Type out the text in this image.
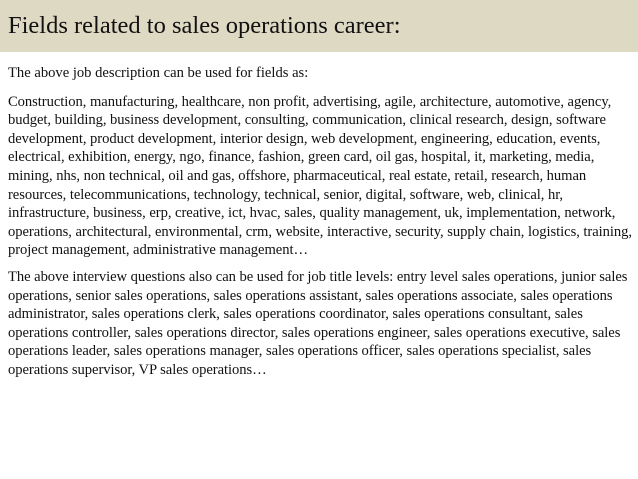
Fields related to sales operations career:

The above job description can be used for fields as:

Construction, manufacturing, healthcare, non profit, advertising, agile, architecture, automotive, agency, budget, building, business development, consulting, communication, clinical research, design, software development, product development, interior design, web development, engineering, education, events, electrical, exhibition, energy, ngo, finance, fashion, green card, oil gas, hospital, it, marketing, media, mining, nhs, non technical, oil and gas, offshore, pharmaceutical, real estate, retail, research, human resources, telecommunications, technology, technical, senior, digital, software, web, clinical, hr, infrastructure, business, erp, creative, ict, hvac, sales, quality management, uk, implementation, network, operations, architectural, environmental, crm, website, interactive, security, supply chain, logistics, training, project management, administrative management…

The above interview questions also can be used for job title levels: entry level sales operations, junior sales operations, senior sales operations, sales operations assistant, sales operations associate, sales operations administrator, sales operations clerk, sales operations coordinator, sales operations consultant, sales operations controller, sales operations director, sales operations engineer, sales operations executive, sales operations leader, sales operations manager, sales operations officer, sales operations specialist, sales operations supervisor, VP sales operations…
